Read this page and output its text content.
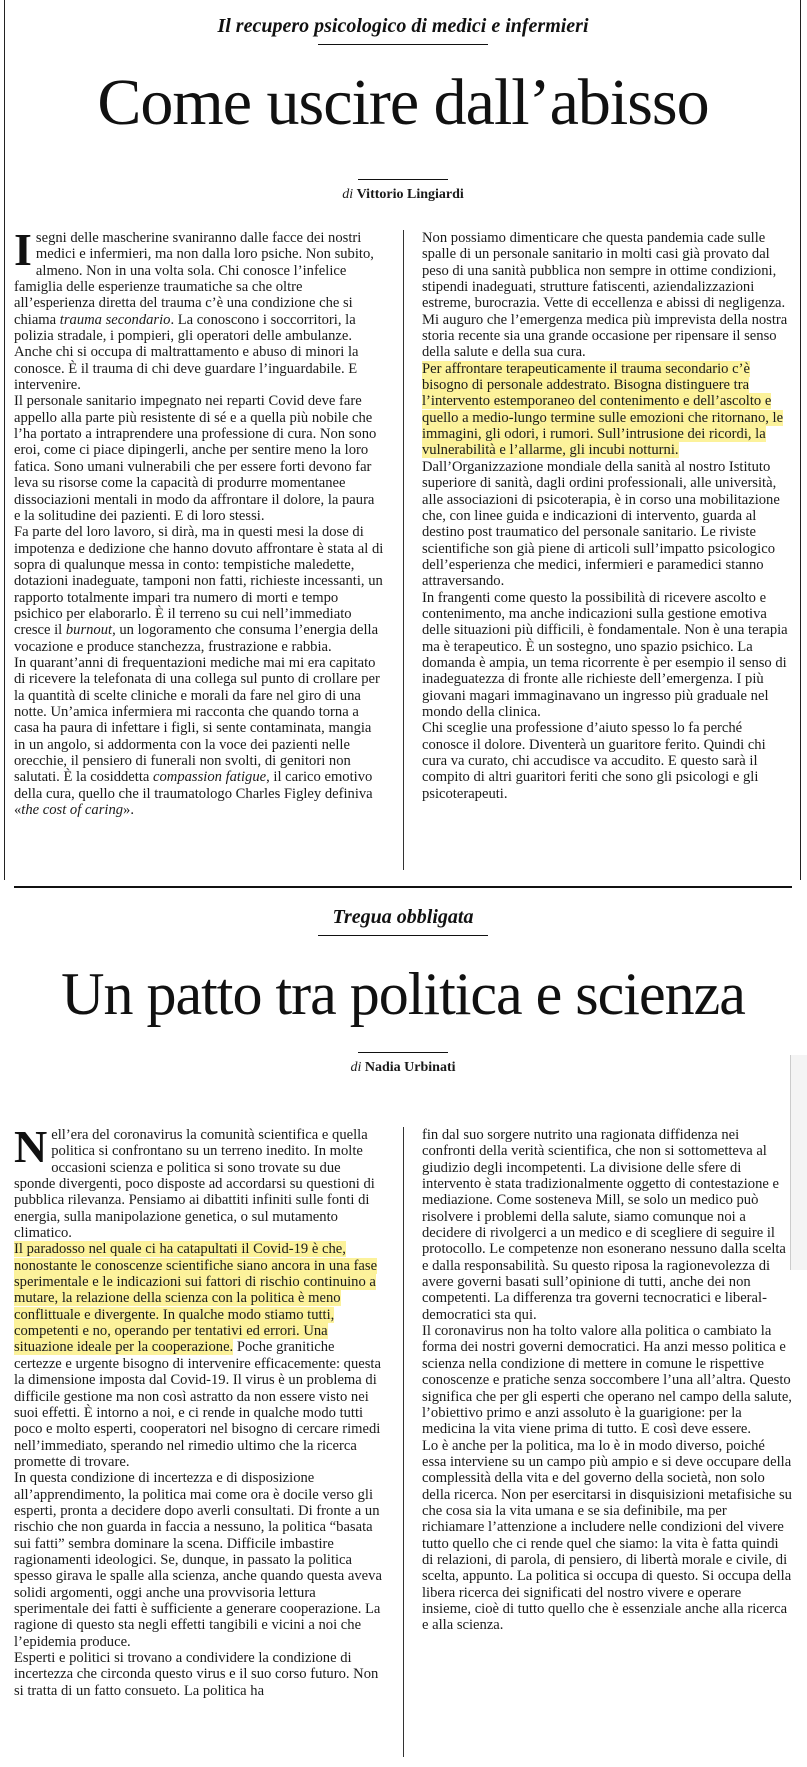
Il recupero psicologico di medici e infermieri
Come uscire dall’abisso
di Vittorio Lingiardi

Isegni delle mascherine svaniranno dalle facce dei nostri medici e infermieri, ma non dalla loro psiche. Non subito, almeno. Non in una volta sola. Chi conosce l’infelice famiglia delle esperienze traumatiche sa che oltre all’esperienza diretta del trauma c’è una condizione che si chiama trauma secondario. La conoscono i soccorritori, la polizia stradale, i pompieri, gli operatori delle ambulanze. Anche chi si occupa di maltrattamento e abuso di minori la conosce. È il trauma di chi deve guardare l’inguardabile. E intervenire.

Il personale sanitario impegnato nei reparti Covid deve fare appello alla parte più resistente di sé e a quella più nobile che l’ha portato a intraprendere una professione di cura. Non sono eroi, come ci piace dipingerli, anche per sentire meno la loro fatica. Sono umani vulnerabili che per essere forti devono far leva su risorse come la capacità di produrre momentanee dissociazioni mentali in modo da affrontare il dolore, la paura e la solitudine dei pazienti. E di loro stessi.

Fa parte del loro lavoro, si dirà, ma in questi mesi la dose di impotenza e dedizione che hanno dovuto affrontare è stata al di sopra di qualunque messa in conto: tempistiche maledette, dotazioni inadeguate, tamponi non fatti, richieste incessanti, un rapporto totalmente impari tra numero di morti e tempo psichico per elaborarlo. È il terreno su cui nell’immediato cresce il burnout, un logoramento che consuma l’energia della vocazione e produce stanchezza, frustrazione e rabbia.

In quarant’anni di frequentazioni mediche mai mi era capitato di ricevere la telefonata di una collega sul punto di crollare per la quantità di scelte cliniche e morali da fare nel giro di una notte. Un’amica infermiera mi racconta che quando torna a casa ha paura di infettare i figli, si sente contaminata, mangia in un angolo, si addormenta con la voce dei pazienti nelle orecchie, il pensiero di funerali non svolti, di genitori non salutati. È la cosiddetta compassion fatigue, il carico emotivo della cura, quello che il traumatologo Charles Figley definiva «the cost of caring».

Non possiamo dimenticare che questa pandemia cade sulle spalle di un personale sanitario in molti casi già provato dal peso di una sanità pubblica non sempre in ottime condizioni, stipendi inadeguati, strutture fatiscenti, aziendalizzazioni estreme, burocrazia. Vette di eccellenza e abissi di negligenza. Mi auguro che l’emergenza medica più imprevista della nostra storia recente sia una grande occasione per ripensare il senso della salute e della sua cura.

Per affrontare terapeuticamente il trauma secondario c’è bisogno di personale addestrato. Bisogna distinguere tra l’intervento estemporaneo del contenimento e dell’ascolto e quello a medio-lungo termine sulle emozioni che ritornano, le immagini, gli odori, i rumori. Sull’intrusione dei ricordi, la vulnerabilità e l’allarme, gli incubi notturni. Dall’Organizzazione mondiale della sanità al nostro Istituto superiore di sanità, dagli ordini professionali, alle università, alle associazioni di psicoterapia, è in corso una mobilitazione che, con linee guida e indicazioni di intervento, guarda al destino post traumatico del personale sanitario. Le riviste scientifiche son già piene di articoli sull’impatto psicologico dell’esperienza che medici, infermieri e paramedici stanno attraversando.

In frangenti come questo la possibilità di ricevere ascolto e contenimento, ma anche indicazioni sulla gestione emotiva delle situazioni più difficili, è fondamentale. Non è una terapia ma è terapeutico. È un sostegno, uno spazio psichico. La domanda è ampia, un tema ricorrente è per esempio il senso di inadeguatezza di fronte alle richieste dell’emergenza. I più giovani magari immaginavano un ingresso più graduale nel mondo della clinica.

Chi sceglie una professione d’aiuto spesso lo fa perché conosce il dolore. Diventerà un guaritore ferito. Quindi chi cura va curato, chi accudisce va accudito. E questo sarà il compito di altri guaritori feriti che sono gli psicologi e gli psicoterapeuti.

Tregua obbligata
Un patto tra politica e scienza
di Nadia Urbinati

Nell’era del coronavirus la comunità scientifica e quella politica si confrontano su un terreno inedito. In molte occasioni scienza e politica si sono trovate su due sponde divergenti, poco disposte ad accordarsi su questioni di pubblica rilevanza. Pensiamo ai dibattiti infiniti sulle fonti di energia, sulla manipolazione genetica, o sul mutamento climatico.

Il paradosso nel quale ci ha catapultati il Covid-19 è che, nonostante le conoscenze scientifiche siano ancora in una fase sperimentale e le indicazioni sui fattori di rischio continuino a mutare, la relazione della scienza con la politica è meno conflittuale e divergente. In qualche modo stiamo tutti, competenti e no, operando per tentativi ed errori. Una situazione ideale per la cooperazione. Poche granitiche certezze e urgente bisogno di intervenire efficacemente: questa la dimensione imposta dal Covid-19. Il virus è un problema di difficile gestione ma non così astratto da non essere visto nei suoi effetti. È intorno a noi, e ci rende in qualche modo tutti poco e molto esperti, cooperatori nel bisogno di cercare rimedi nell’immediato, sperando nel rimedio ultimo che la ricerca promette di trovare.

In questa condizione di incertezza e di disposizione all’apprendimento, la politica mai come ora è docile verso gli esperti, pronta a decidere dopo averli consultati. Di fronte a un rischio che non guarda in faccia a nessuno, la politica “basata sui fatti” sembra dominare la scena. Difficile imbastire ragionamenti ideologici. Se, dunque, in passato la politica spesso girava le spalle alla scienza, anche quando questa aveva solidi argomenti, oggi anche una provvisoria lettura sperimentale dei fatti è sufficiente a generare cooperazione. La ragione di questo sta negli effetti tangibili e vicini a noi che l’epidemia produce.

Esperti e politici si trovano a condividere la condizione di incertezza che circonda questo virus e il suo corso futuro. Non si tratta di un fatto consueto. La politica ha

fin dal suo sorgere nutrito una ragionata diffidenza nei confronti della verità scientifica, che non si sottometteva al giudizio degli incompetenti. La divisione delle sfere di intervento è stata tradizionalmente oggetto di contestazione e mediazione. Come sosteneva Mill, se solo un medico può risolvere i problemi della salute, siamo comunque noi a decidere di rivolgerci a un medico e di scegliere di seguire il protocollo. Le competenze non esonerano nessuno dalla scelta e dalla responsabilità. Su questo riposa la ragionevolezza di avere governi basati sull’opinione di tutti, anche dei non competenti. La differenza tra governi tecnocratici e liberal-democratici sta qui.

Il coronavirus non ha tolto valore alla politica o cambiato la forma dei nostri governi democratici. Ha anzi messo politica e scienza nella condizione di mettere in comune le rispettive conoscenze e pratiche senza soccombere l’una all’altra. Questo significa che per gli esperti che operano nel campo della salute, l’obiettivo primo e anzi assoluto è la guarigione: per la medicina la vita viene prima di tutto. E così deve essere.

Lo è anche per la politica, ma lo è in modo diverso, poiché essa interviene su un campo più ampio e si deve occupare della complessità della vita e del governo della società, non solo della ricerca. Non per esercitarsi in disquisizioni metafisiche su che cosa sia la vita umana e se sia definibile, ma per richiamare l’attenzione a includere nelle condizioni del vivere tutto quello che ci rende quel che siamo: la vita è fatta quindi di relazioni, di parola, di pensiero, di libertà morale e civile, di scelta, appunto. La politica si occupa di questo. Si occupa della libera ricerca dei significati del nostro vivere e operare insieme, cioè di tutto quello che è essenziale anche alla ricerca e alla scienza.
